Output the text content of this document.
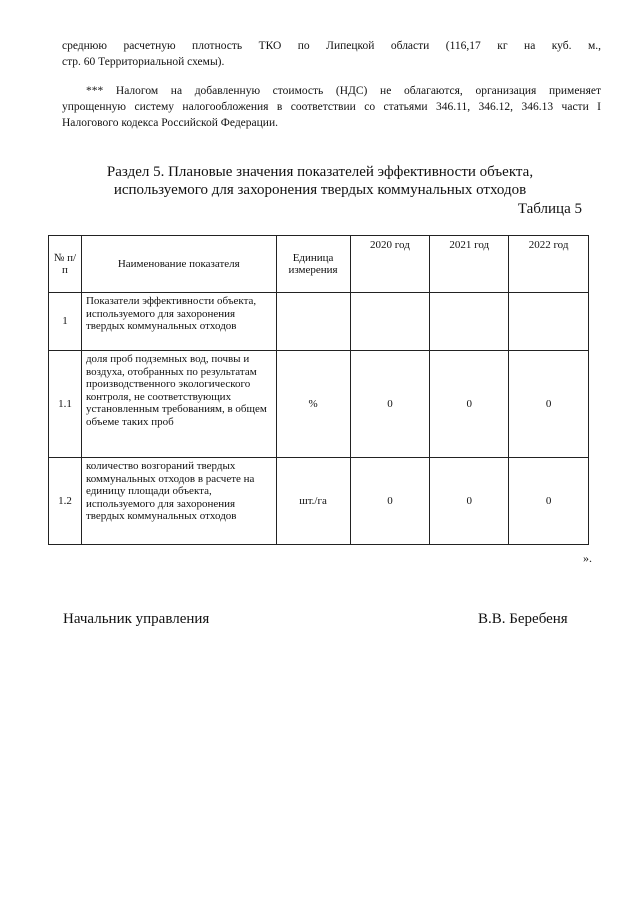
среднюю расчетную плотность ТКО по Липецкой области (116,17 кг на куб. м.,
стр. 60 Территориальной схемы).
*** Налогом на добавленную стоимость (НДС) не облагаются, организация применяет
упрощенную систему налогообложения в соответствии со статьями 346.11, 346.12, 346.13 части I
Налогового кодекса Российской Федерации.
Раздел 5. Плановые значения показателей эффективности объекта,
используемого для захоронения твердых коммунальных отходов
Таблица 5
№ п/п	Наименование показателя	Единица измерения	2020 год	2021 год	2022 год
1	Показатели эффективности объекта, используемого для захоронения твердых коммунальных отходов				
1.1	доля проб подземных вод, почвы и воздуха, отобранных по результатам производственного экологического контроля, не соответствующих установленным требованиям, в общем объеме таких проб	%	0	0	0
1.2	количество возгораний твердых коммунальных отходов в расчете на единицу площади объекта, используемого для захоронения твердых коммунальных отходов	шт./га	0	0	0
».
Начальник управления	В.В. Беребеня
